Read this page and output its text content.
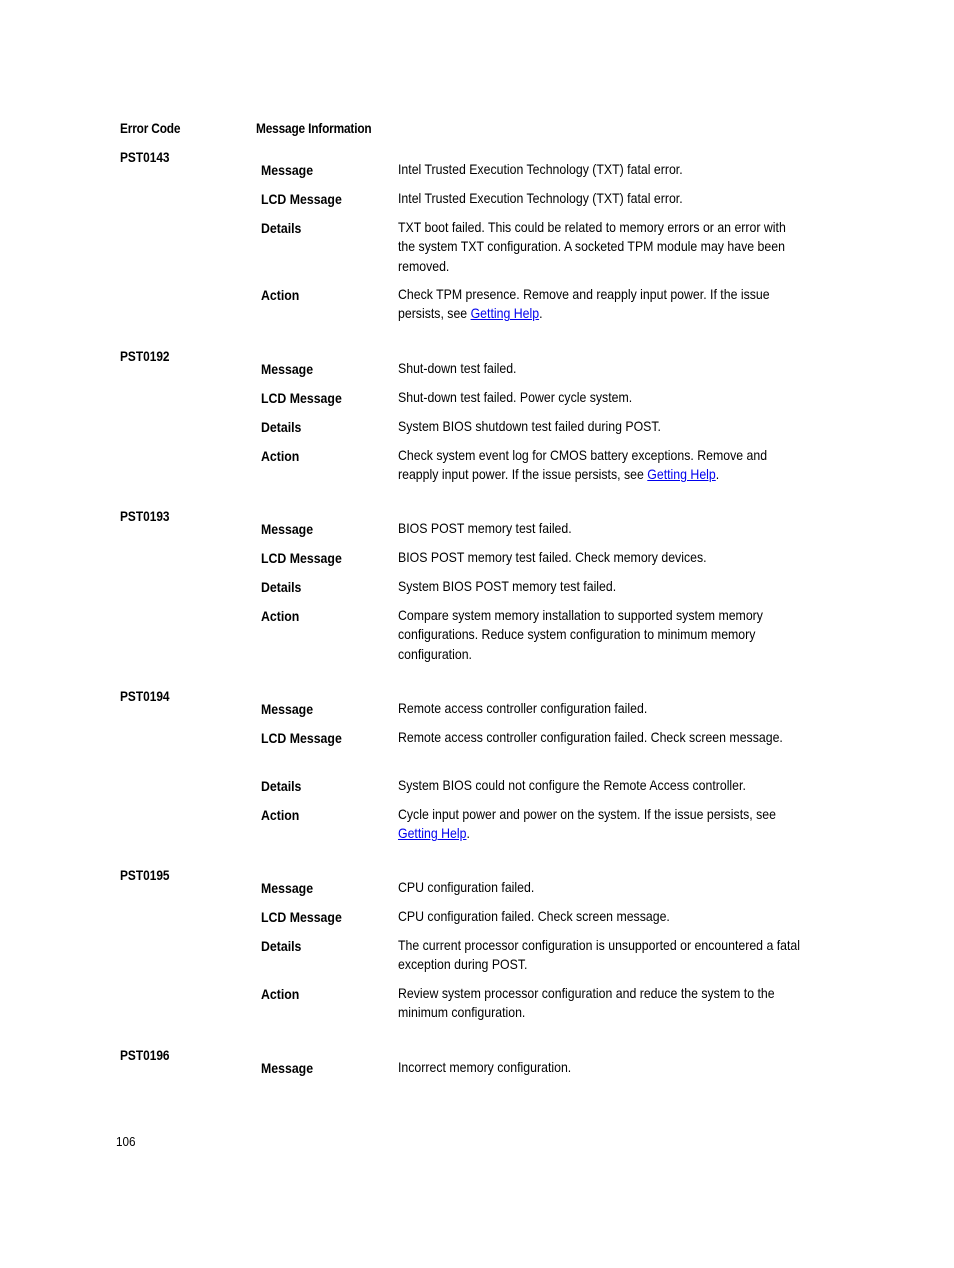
Error Code	Message Information
PST0143
Message	Intel Trusted Execution Technology (TXT) fatal error.
LCD Message	Intel Trusted Execution Technology (TXT) fatal error.
Details	TXT boot failed. This could be related to memory errors or an error with the system TXT configuration. A socketed TPM module may have been removed.
Action	Check TPM presence. Remove and reapply input power. If the issue persists, see Getting Help.
PST0192
Message	Shut-down test failed.
LCD Message	Shut-down test failed. Power cycle system.
Details	System BIOS shutdown test failed during POST.
Action	Check system event log for CMOS battery exceptions. Remove and reapply input power. If the issue persists, see Getting Help.
PST0193
Message	BIOS POST memory test failed.
LCD Message	BIOS POST memory test failed. Check memory devices.
Details	System BIOS POST memory test failed.
Action	Compare system memory installation to supported system memory configurations. Reduce system configuration to minimum memory configuration.
PST0194
Message	Remote access controller configuration failed.
LCD Message	Remote access controller configuration failed. Check screen message.
Details	System BIOS could not configure the Remote Access controller.
Action	Cycle input power and power on the system. If the issue persists, see Getting Help.
PST0195
Message	CPU configuration failed.
LCD Message	CPU configuration failed. Check screen message.
Details	The current processor configuration is unsupported or encountered a fatal exception during POST.
Action	Review system processor configuration and reduce the system to the minimum configuration.
PST0196
Message	Incorrect memory configuration.
106
